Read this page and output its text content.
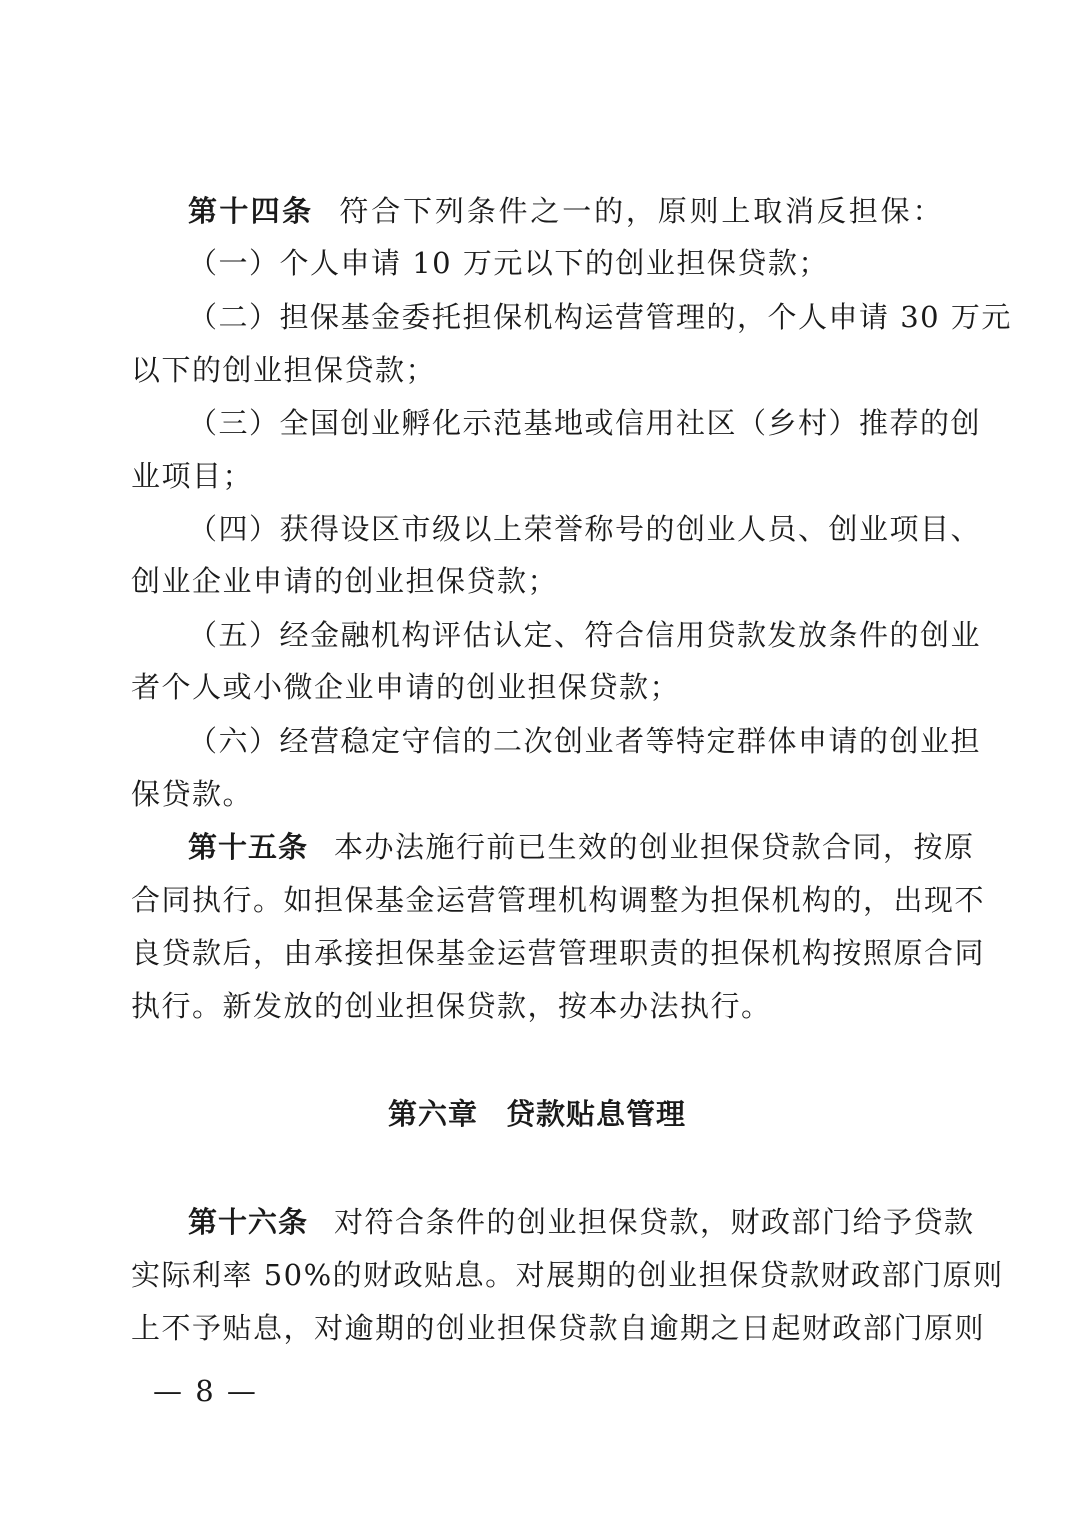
第十四条 符合下列条件之一的，原则上取消反担保：
（一）个人申请 10 万元以下的创业担保贷款；
（二）担保基金委托担保机构运营管理的，个人申请 30 万元
以下的创业担保贷款；
（三）全国创业孵化示范基地或信用社区（乡村）推荐的创
业项目；
（四）获得设区市级以上荣誉称号的创业人员、创业项目、
创业企业申请的创业担保贷款；
（五）经金融机构评估认定、符合信用贷款发放条件的创业
者个人或小微企业申请的创业担保贷款；
（六）经营稳定守信的二次创业者等特定群体申请的创业担
保贷款。
第十五条 本办法施行前已生效的创业担保贷款合同，按原
合同执行。如担保基金运营管理机构调整为担保机构的，出现不
良贷款后，由承接担保基金运营管理职责的担保机构按照原合同
执行。新发放的创业担保贷款，按本办法执行。
第六章 贷款贴息管理
第十六条 对符合条件的创业担保贷款，财政部门给予贷款
实际利率 50%的财政贴息。对展期的创业担保贷款财政部门原则
上不予贴息，对逾期的创业担保贷款自逾期之日起财政部门原则
— 8 —
